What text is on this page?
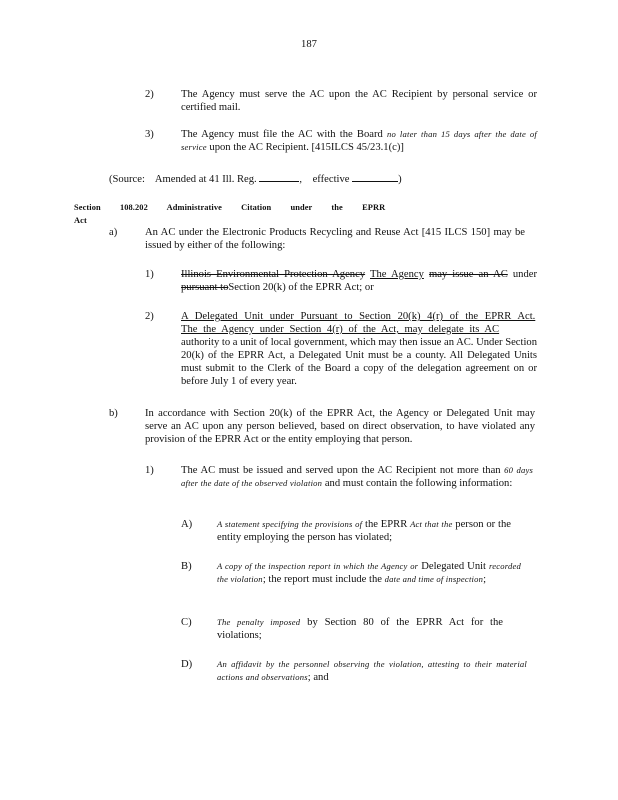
187
2)	The Agency must serve the AC upon the AC Recipient by personal service or certified mail.
3)	The Agency must file the AC with the Board no later than 15 days after the date of service upon the AC Recipient. [415ILCS 45/23.1(c)]
(Source: Amended at 41 Ill. Reg.	,    effective	)
Section 108.202 Administrative Citation under the EPRR Act
a)	An AC under the Electronic Products Recycling and Reuse Act [415 ILCS 150] may be issued by either of the following:
1)	Illinois Environmental Protection Agency The Agency may issue an AC under pursuant toSection 20(k) of the EPRR Act; or
2)	A Delegated Unit under Pursuant to Section 20(k) 4(r) of the EPRR Act.
The the Agency under Section 4(r) of the Act, may delegate its AC
authority to a unit of local government, which may then issue an AC. Under Section 20(k) of the EPRR Act, a Delegated Unit must be a county. All Delegated Units must submit to the Clerk of the Board a copy of the delegation agreement on or before July 1 of every year.
b)	In accordance with Section 20(k) of the EPRR Act, the Agency or Delegated Unit may serve an AC upon any person believed, based on direct observation, to have violated any provision of the EPRR Act or the entity employing that person.
1)	The AC must be issued and served upon the AC Recipient not more than 60 days after the date of the observed violation and must contain the following information:
A)	A statement specifying the provisions of the EPRR Act that the person or the entity employing the person has violated;
B)	A copy of the inspection report in which the Agency or Delegated Unit recorded the violation; the report must include the date and time of inspection;
C)	The penalty imposed by Section 80 of the EPRR Act for the violations;
D)	An affidavit by the personnel observing the violation, attesting to their material actions and observations; and
